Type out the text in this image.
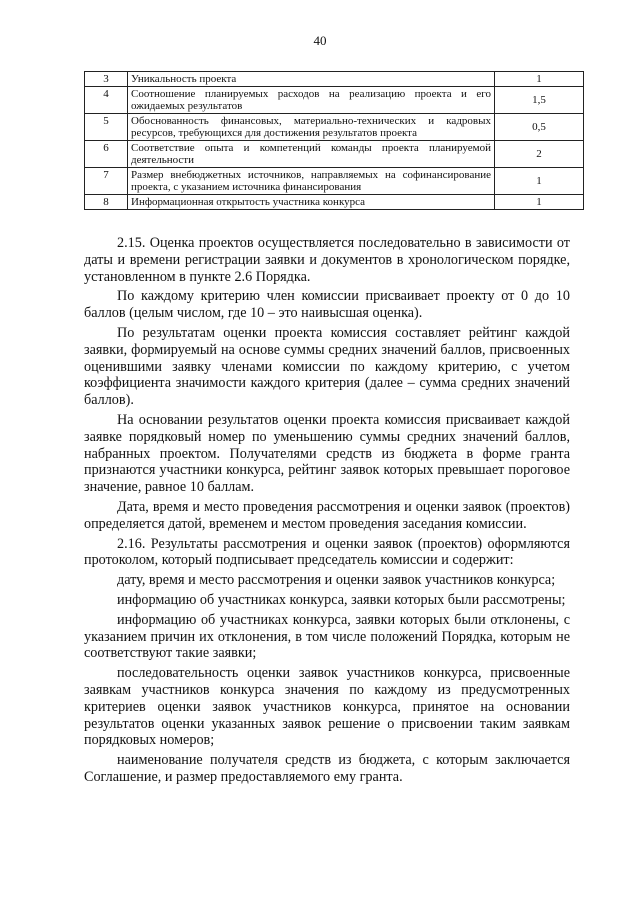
40
3	Уникальность проекта	1
4	Соотношение планируемых расходов на реализацию проекта и его ожидаемых результатов	1,5
5	Обоснованность финансовых, материально-технических и кадровых ресурсов, требующихся для достижения результатов проекта	0,5
6	Соответствие опыта и компетенций команды проекта планируемой деятельности	2
7	Размер внебюджетных источников, направляемых на софинансирование проекта, с указанием источника финансирования	1
8	Информационная открытость участника конкурса	1

2.15. Оценка проектов осуществляется последовательно в зависимости от даты и времени регистрации заявки и документов в хронологическом порядке, установленном в пункте 2.6 Порядка.

По каждому критерию член комиссии присваивает проекту от 0 до 10 баллов (целым числом, где 10 – это наивысшая оценка).

По результатам оценки проекта комиссия составляет рейтинг каждой заявки, формируемый на основе суммы средних значений баллов, присвоенных оценившими заявку членами комиссии по каждому критерию, с учетом коэффициента значимости каждого критерия (далее – сумма средних значений баллов).

На основании результатов оценки проекта комиссия присваивает каждой заявке порядковый номер по уменьшению суммы средних значений баллов, набранных проектом. Получателями средств из бюджета в форме гранта признаются участники конкурса, рейтинг заявок которых превышает пороговое значение, равное 10 баллам.

Дата, время и место проведения рассмотрения и оценки заявок (проектов) определяется датой, временем и местом проведения заседания комиссии.

2.16. Результаты рассмотрения и оценки заявок (проектов) оформляются протоколом, который подписывает председатель комиссии и содержит:

дату, время и место рассмотрения и оценки заявок участников конкурса;

информацию об участниках конкурса, заявки которых были рассмотрены;

информацию об участниках конкурса, заявки которых были отклонены, с указанием причин их отклонения, в том числе положений Порядка, которым не соответствуют такие заявки;

последовательность оценки заявок участников конкурса, присвоенные заявкам участников конкурса значения по каждому из предусмотренных критериев оценки заявок участников конкурса, принятое на основании результатов оценки указанных заявок решение о присвоении таким заявкам порядковых номеров;

наименование получателя средств из бюджета, с которым заключается Соглашение, и размер предоставляемого ему гранта.
